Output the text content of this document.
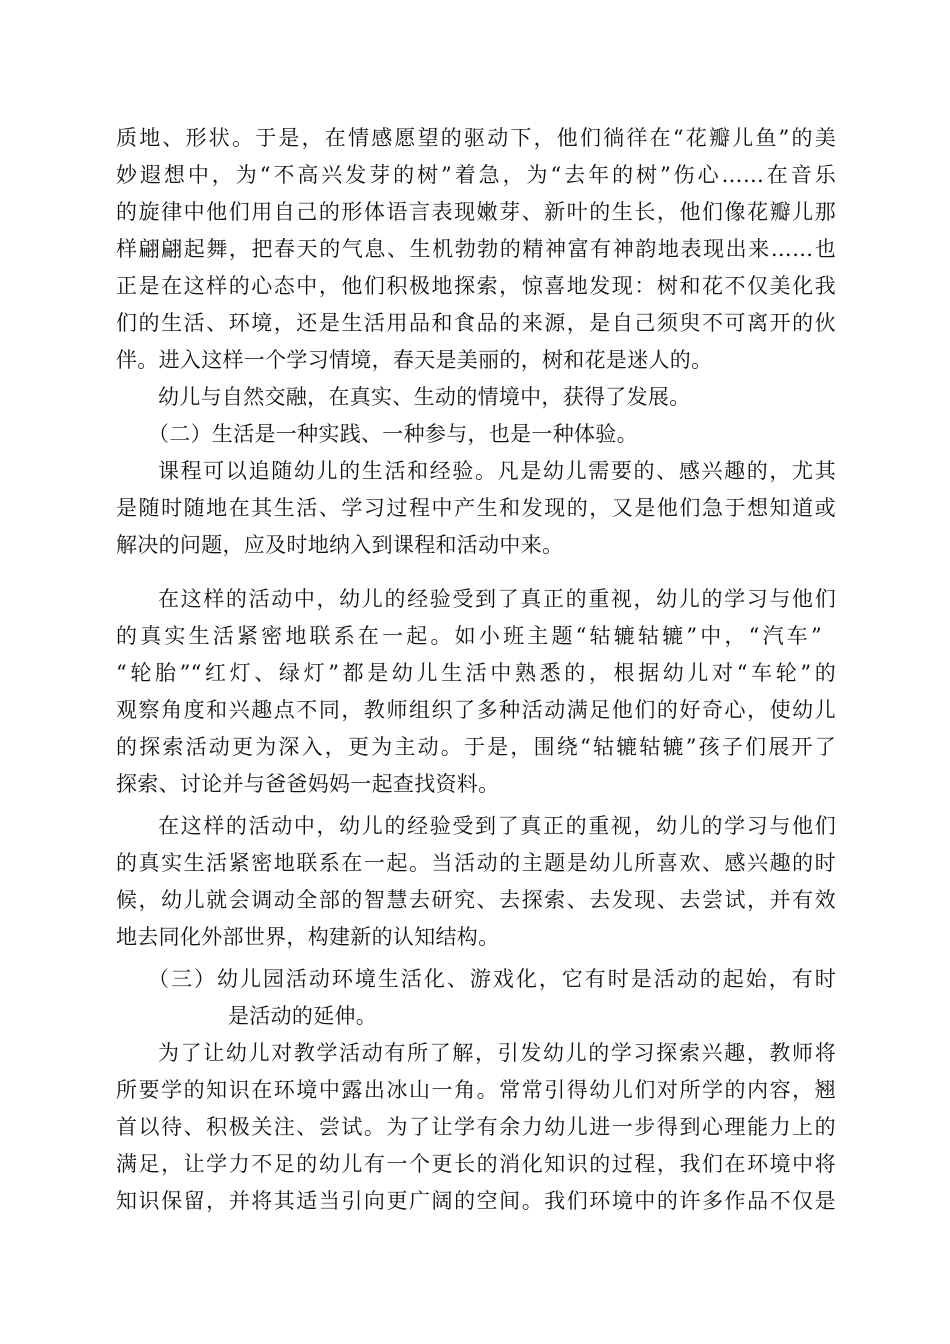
质地、形状。于是，在情感愿望的驱动下，他们徜徉在“花瓣儿鱼”的美
妙遐想中，为“不高兴发芽的树”着急，为“去年的树”伤心……在音乐
的旋律中他们用自己的形体语言表现嫩芽、新叶的生长，他们像花瓣儿那
样翩翩起舞，把春天的气息、生机勃勃的精神富有神韵地表现出来……也
正是在这样的心态中，他们积极地探索，惊喜地发现：树和花不仅美化我
们的生活、环境，还是生活用品和食品的来源，是自己须臾不可离开的伙
伴。进入这样一个学习情境，春天是美丽的，树和花是迷人的。
幼儿与自然交融，在真实、生动的情境中，获得了发展。
（二）生活是一种实践、一种参与，也是一种体验。
课程可以追随幼儿的生活和经验。凡是幼儿需要的、感兴趣的，尤其
是随时随地在其生活、学习过程中产生和发现的，又是他们急于想知道或
解决的问题，应及时地纳入到课程和活动中来。
在这样的活动中，幼儿的经验受到了真正的重视，幼儿的学习与他们
的真实生活紧密地联系在一起。如小班主题“轱辘轱辘”中，“汽车”
“轮胎”“红灯、绿灯”都是幼儿生活中熟悉的，根据幼儿对“车轮”的
观察角度和兴趣点不同，教师组织了多种活动满足他们的好奇心，使幼儿
的探索活动更为深入，更为主动。于是，围绕“轱辘轱辘”孩子们展开了
探索、讨论并与爸爸妈妈一起查找资料。
在这样的活动中，幼儿的经验受到了真正的重视，幼儿的学习与他们
的真实生活紧密地联系在一起。当活动的主题是幼儿所喜欢、感兴趣的时
候，幼儿就会调动全部的智慧去研究、去探索、去发现、去尝试，并有效
地去同化外部世界，构建新的认知结构。
（三）幼儿园活动环境生活化、游戏化，它有时是活动的起始，有时
是活动的延伸。
为了让幼儿对教学活动有所了解，引发幼儿的学习探索兴趣，教师将
所要学的知识在环境中露出冰山一角。常常引得幼儿们对所学的内容，翘
首以待、积极关注、尝试。为了让学有余力幼儿进一步得到心理能力上的
满足，让学力不足的幼儿有一个更长的消化知识的过程，我们在环境中将
知识保留，并将其适当引向更广阔的空间。我们环境中的许多作品不仅是
